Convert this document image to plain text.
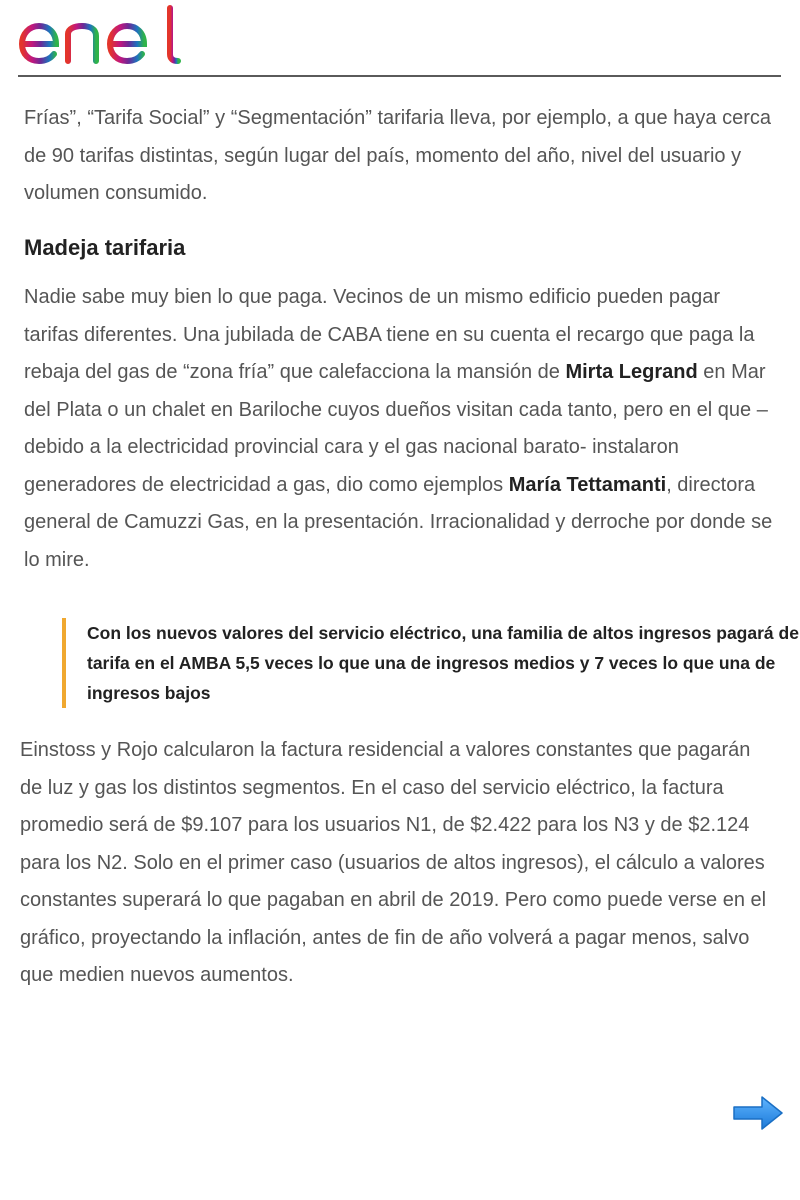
Frías”, “Tarifa Social” y “Segmentación” tarifaria lleva, por ejemplo, a que haya cerca de 90 tarifas distintas, según lugar del país, momento del año, nivel del usuario y volumen consumido.

Madeja tarifaria

Nadie sabe muy bien lo que paga. Vecinos de un mismo edificio pueden pagar tarifas diferentes. Una jubilada de CABA tiene en su cuenta el recargo que paga la rebaja del gas de “zona fría” que calefacciona la mansión de Mirta Legrand en Mar del Plata o un chalet en Bariloche cuyos dueños visitan cada tanto, pero en el que –debido a la electricidad provincial cara y el gas nacional barato- instalaron generadores de electricidad a gas, dio como ejemplos María Tettamanti, directora general de Camuzzi Gas, en la presentación. Irracionalidad y derroche por donde se lo mire.

Con los nuevos valores del servicio eléctrico, una familia de altos ingresos pagará de tarifa en el AMBA 5,5 veces lo que una de ingresos medios y 7 veces lo que una de ingresos bajos

Einstoss y Rojo calcularon la factura residencial a valores constantes que pagarán de luz y gas los distintos segmentos. En el caso del servicio eléctrico, la factura promedio será de $9.107 para los usuarios N1, de $2.422 para los N3 y de $2.124 para los N2. Solo en el primer caso (usuarios de altos ingresos), el cálculo a valores constantes superará lo que pagaban en abril de 2019. Pero como puede verse en el gráfico, proyectando la inflación, antes de fin de año volverá a pagar menos, salvo que medien nuevos aumentos.
